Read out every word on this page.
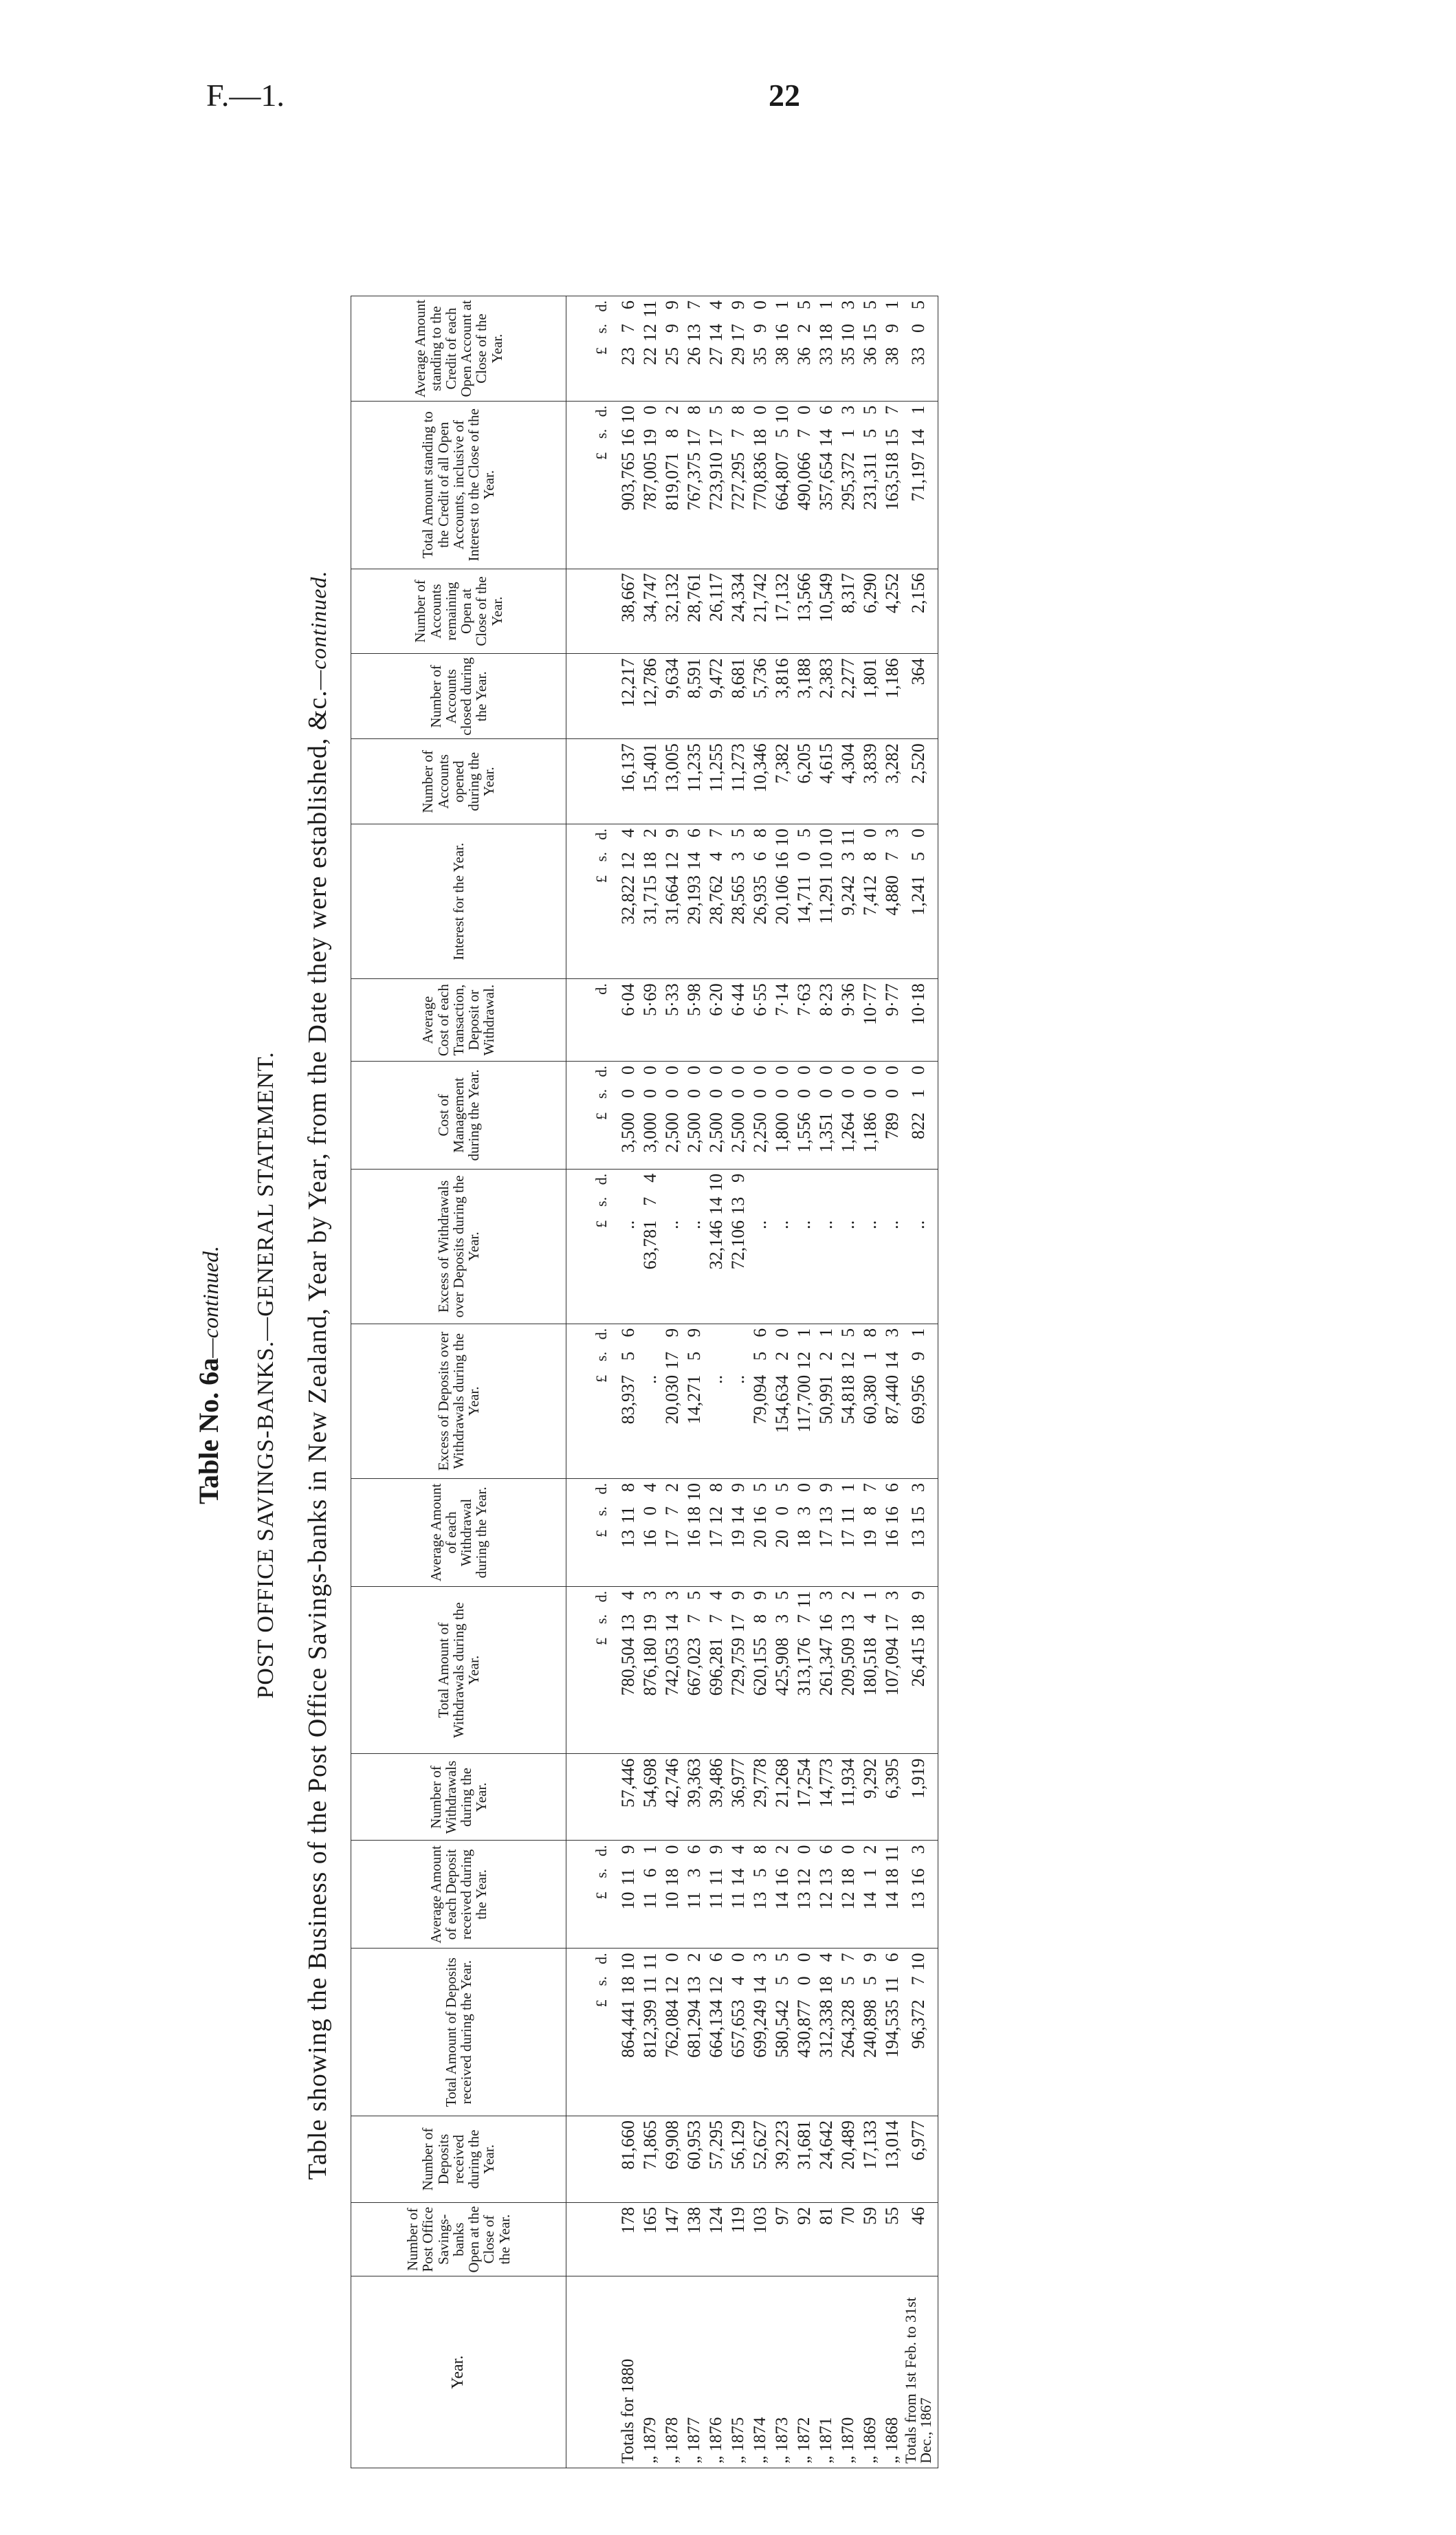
F.—1.	22
Table No. 6a—continued. POST OFFICE SAVINGS-BANKS.—GENERAL STATEMENT. Table showing the Business of the Post Office Savings-banks in New Zealand, Year by Year, from the Date they were established, &c.—continued.
Year.	Number of Post Office Savings-banks Open at the Close of the Year.	Number of Deposits received during the Year.	Total Amount of Deposits received during the Year.	Average Amount of each Deposit received during the Year.	Number of Withdrawals during the Year.	Total Amount of Withdrawals during the Year.	Average Amount of each Withdrawal during the Year.	Excess of Deposits over Withdrawals during the Year.	Excess of Withdrawals over Deposits during the Year.	Cost of Management during the Year.	Average Cost of each Transaction, Deposit or Withdrawal.	Interest for the Year.	Number of Accounts opened during the Year.	Number of Accounts closed during the Year.	Number of Accounts remaining Open at Close of the Year.	Total Amount standing to the Credit of all Open Accounts, inclusive of Interest to the Close of the Year.	Average Amount standing to the Credit of each Open Account at Close of the Year.
			£s.d.	£s.d.		£s.d.	£s.d.	£s.d.	£s.d.	£s.d.	d.	£s.d.				£s.d.	£s.d.
Totals for 1880	178	81,660	864,4411810	10119	57,446	780,504134	13118	83,93756	..	3,50000	6·04	32,822124	16,137	12,217	38,667	903,7651610	2376
„ 1879	165	71,865	812,3991111	1161	54,698	876,180193	1604	..	63,78174	3,00000	5·69	31,715182	15,401	12,786	34,747	787,005190	221211
„ 1878	147	69,908	762,084120	10180	42,746	742,053143	1772	20,030179	..	2,50000	5·33	31,664129	13,005	9,634	32,132	819,07182	2599
„ 1877	138	60,953	681,294132	1136	39,363	667,02375	161810	14,27159	..	2,50000	5·98	29,193146	11,235	8,591	28,761	767,375178	26137
„ 1876	124	57,295	664,134126	11119	39,486	696,28174	17128	..	32,1461410	2,50000	6·20	28,76247	11,255	9,472	26,117	723,910175	27144
„ 1875	119	56,129	657,65340	11144	36,977	729,759179	19149	..	72,106139	2,50000	6·44	28,56535	11,273	8,681	24,334	727,29578	29179
„ 1874	103	52,627	699,249143	1358	29,778	620,15589	20165	79,09456	..	2,25000	6·55	26,93568	10,346	5,736	21,742	770,836180	3590
„ 1873	97	39,223	580,54255	14162	21,268	425,90835	2005	154,63420	..	1,80000	7·14	20,1061610	7,382	3,816	17,132	664,807510	38161
„ 1872	92	31,681	430,87700	13120	17,254	313,176711	1830	117,700121	..	1,55600	7·63	14,71105	6,205	3,188	13,566	490,06670	3625
„ 1871	81	24,642	312,338184	12136	14,773	261,347163	17139	50,99121	..	1,35100	8·23	11,2911010	4,615	2,383	10,549	357,654146	33181
„ 1870	70	20,489	264,32857	12180	11,934	209,509132	17111	54,818125	..	1,26400	9·36	9,242311	4,304	2,277	8,317	295,37213	35103
„ 1869	59	17,133	240,89859	1412	9,292	180,51841	1987	60,38018	..	1,18600	10·77	7,41280	3,839	1,801	6,290	231,31155	36155
„ 1868	55	13,014	194,535116	141811	6,395	107,094173	16166	87,440143	..	78900	9·77	4,88073	3,282	1,186	4,252	163,518157	3891
Totals from 1st Feb. to 31st Dec., 1867	46	6,977	96,372710	13163	1,919	26,415189	13153	69,95691	..	82210	10·18	1,24150	2,520	364	2,156	71,197141	3305
